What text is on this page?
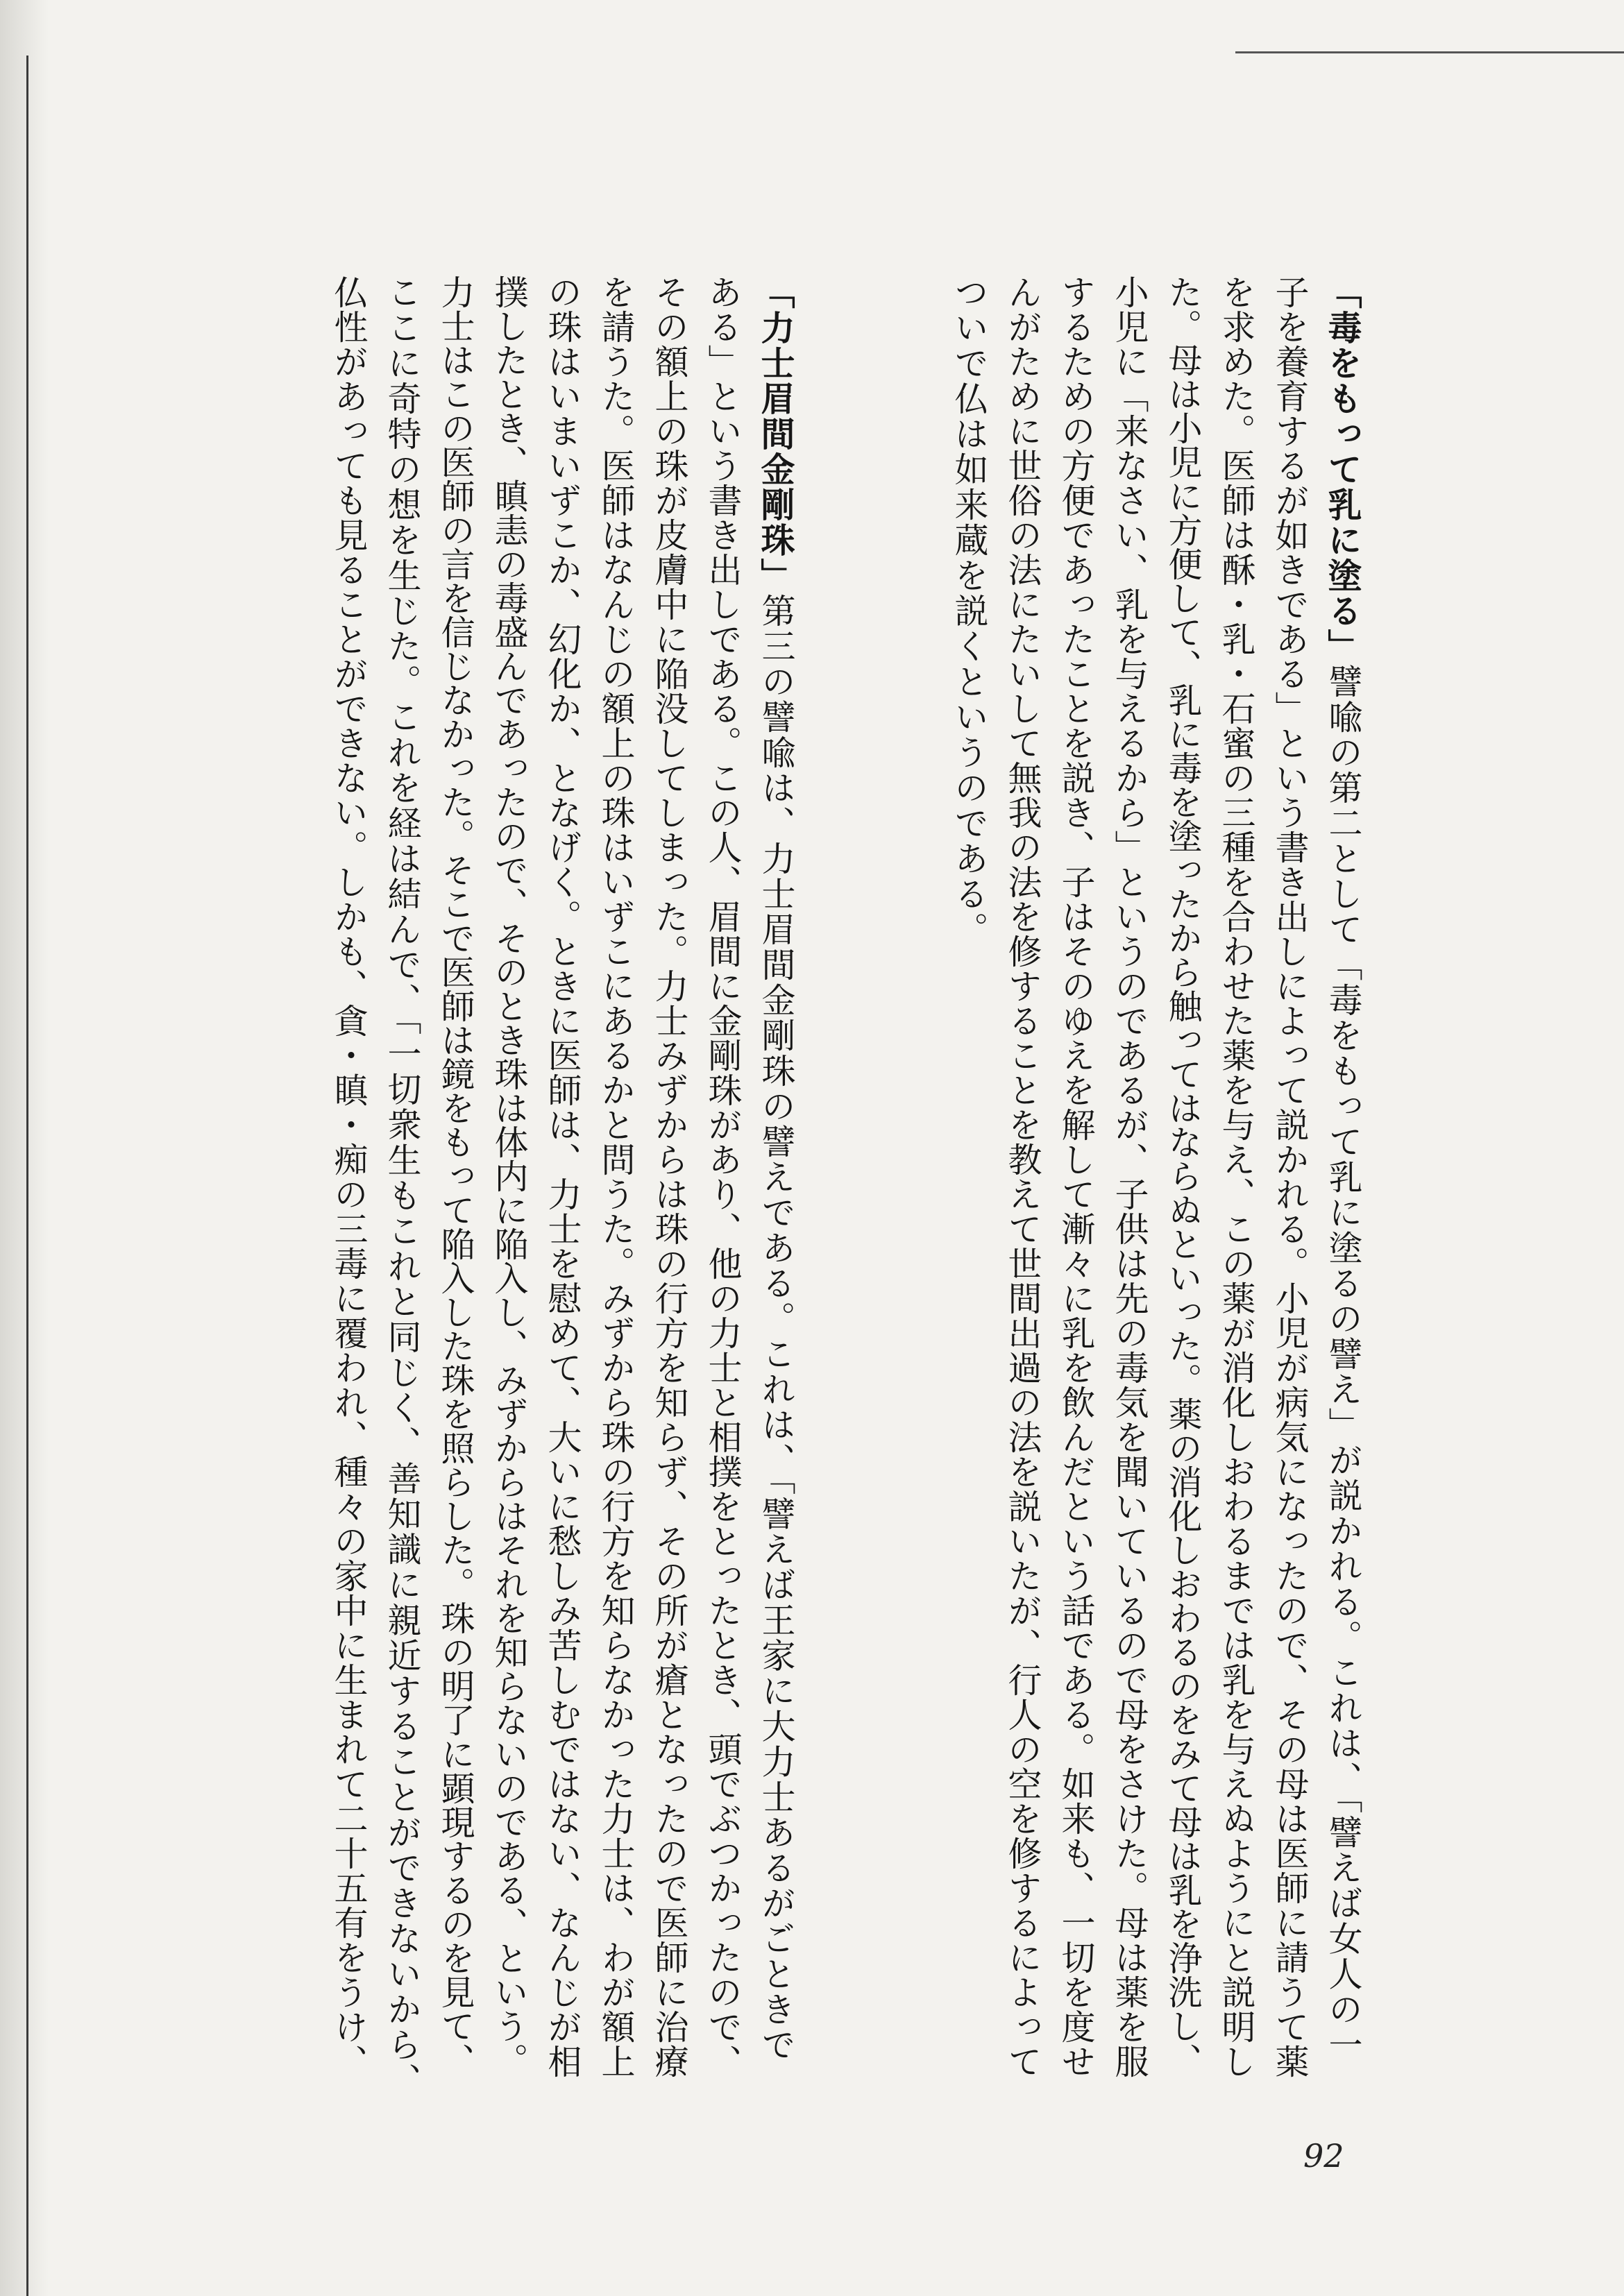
「毒をもって乳に塗る」譬喩の第二として「毒をもって乳に塗るの譬え」が説かれる。これは、「譬えば女人の一
子を養育するが如きである」という書き出しによって説かれる。小児が病気になったので、その母は医師に請うて薬
を求めた。医師は酥・乳・石蜜の三種を合わせた薬を与え、この薬が消化しおわるまでは乳を与えぬようにと説明し
た。母は小児に方便して、乳に毒を塗ったから触ってはならぬといった。薬の消化しおわるのをみて母は乳を浄洗し、
小児に「来なさい、乳を与えるから」というのであるが、子供は先の毒気を聞いているので母をさけた。母は薬を服
するための方便であったことを説き、子はそのゆえを解して漸々に乳を飲んだという話である。如来も、一切を度せ
んがために世俗の法にたいして無我の法を修することを教えて世間出過の法を説いたが、行人の空を修するによって
ついで仏は如来蔵を説くというのである。
「力士眉間金剛珠」第三の譬喩は、力士眉間金剛珠の譬えである。これは、「譬えば王家に大力士あるがごときで
ある」という書き出しである。この人、眉間に金剛珠があり、他の力士と相撲をとったとき、頭でぶつかったので、
その額上の珠が皮膚中に陥没してしまった。力士みずからは珠の行方を知らず、その所が瘡となったので医師に治療
を請うた。医師はなんじの額上の珠はいずこにあるかと問うた。みずから珠の行方を知らなかった力士は、わが額上
の珠はいまいずこか、幻化か、となげく。ときに医師は、力士を慰めて、大いに愁しみ苦しむではない、なんじが相
撲したとき、瞋恚の毒盛んであったので、そのとき珠は体内に陥入し、みずからはそれを知らないのである、という。
力士はこの医師の言を信じなかった。そこで医師は鏡をもって陥入した珠を照らした。珠の明了に顕現するのを見て、
ここに奇特の想を生じた。これを経は結んで、「一切衆生もこれと同じく、善知識に親近することができないから、
仏性があっても見ることができない。しかも、貪・瞋・痴の三毒に覆われ、種々の家中に生まれて二十五有をうけ、
92
